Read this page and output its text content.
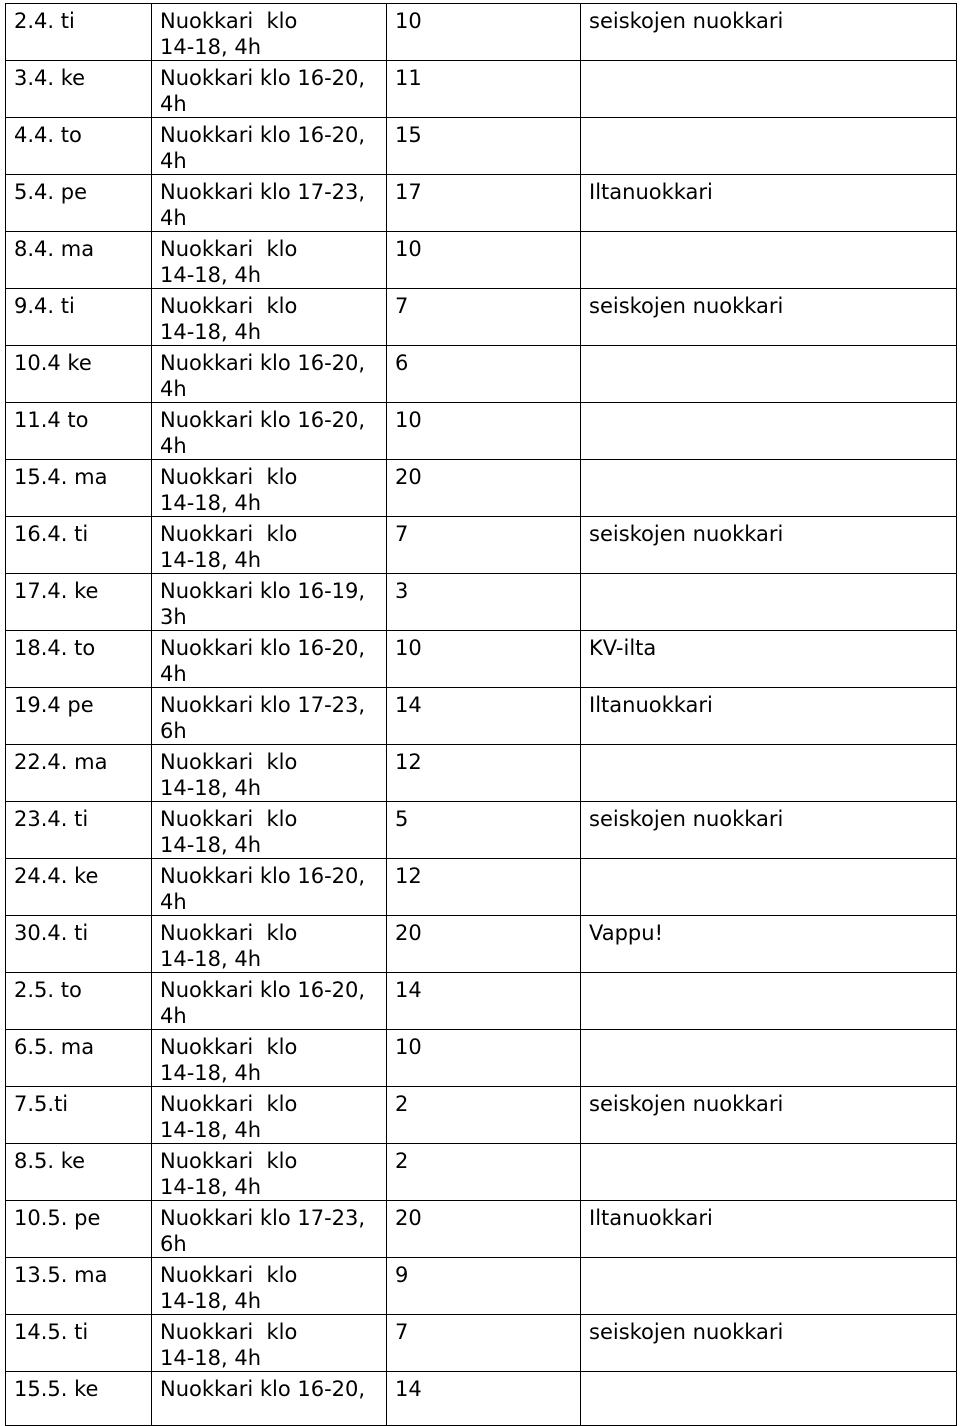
2.4. ti	Nuokkari  klo
14-18, 4h	10	seiskojen nuokkari
3.4. ke	Nuokkari klo 16-20,
4h	11	
4.4. to	Nuokkari klo 16-20,
4h	15	
5.4. pe	Nuokkari klo 17-23,
4h	17	Iltanuokkari
8.4. ma	Nuokkari  klo
14-18, 4h	10	
9.4. ti	Nuokkari  klo
14-18, 4h	7	seiskojen nuokkari
10.4 ke	Nuokkari klo 16-20,
4h	6	
11.4 to	Nuokkari klo 16-20,
4h	10	
15.4. ma	Nuokkari  klo
14-18, 4h	20	
16.4. ti	Nuokkari  klo
14-18, 4h	7	seiskojen nuokkari
17.4. ke	Nuokkari klo 16-19,
3h	3	
18.4. to	Nuokkari klo 16-20,
4h	10	KV-ilta
19.4 pe	Nuokkari klo 17-23,
6h	14	Iltanuokkari
22.4. ma	Nuokkari  klo
14-18, 4h	12	
23.4. ti	Nuokkari  klo
14-18, 4h	5	seiskojen nuokkari
24.4. ke	Nuokkari klo 16-20,
4h	12	
30.4. ti	Nuokkari  klo
14-18, 4h	20	Vappu!
2.5. to	Nuokkari klo 16-20,
4h	14	
6.5. ma	Nuokkari  klo
14-18, 4h	10	
7.5.ti	Nuokkari  klo
14-18, 4h	2	seiskojen nuokkari
8.5. ke	Nuokkari  klo
14-18, 4h	2	
10.5. pe	Nuokkari klo 17-23,
6h	20	Iltanuokkari
13.5. ma	Nuokkari  klo
14-18, 4h	9	
14.5. ti	Nuokkari  klo
14-18, 4h	7	seiskojen nuokkari
15.5. ke	Nuokkari klo 16-20,	14	
